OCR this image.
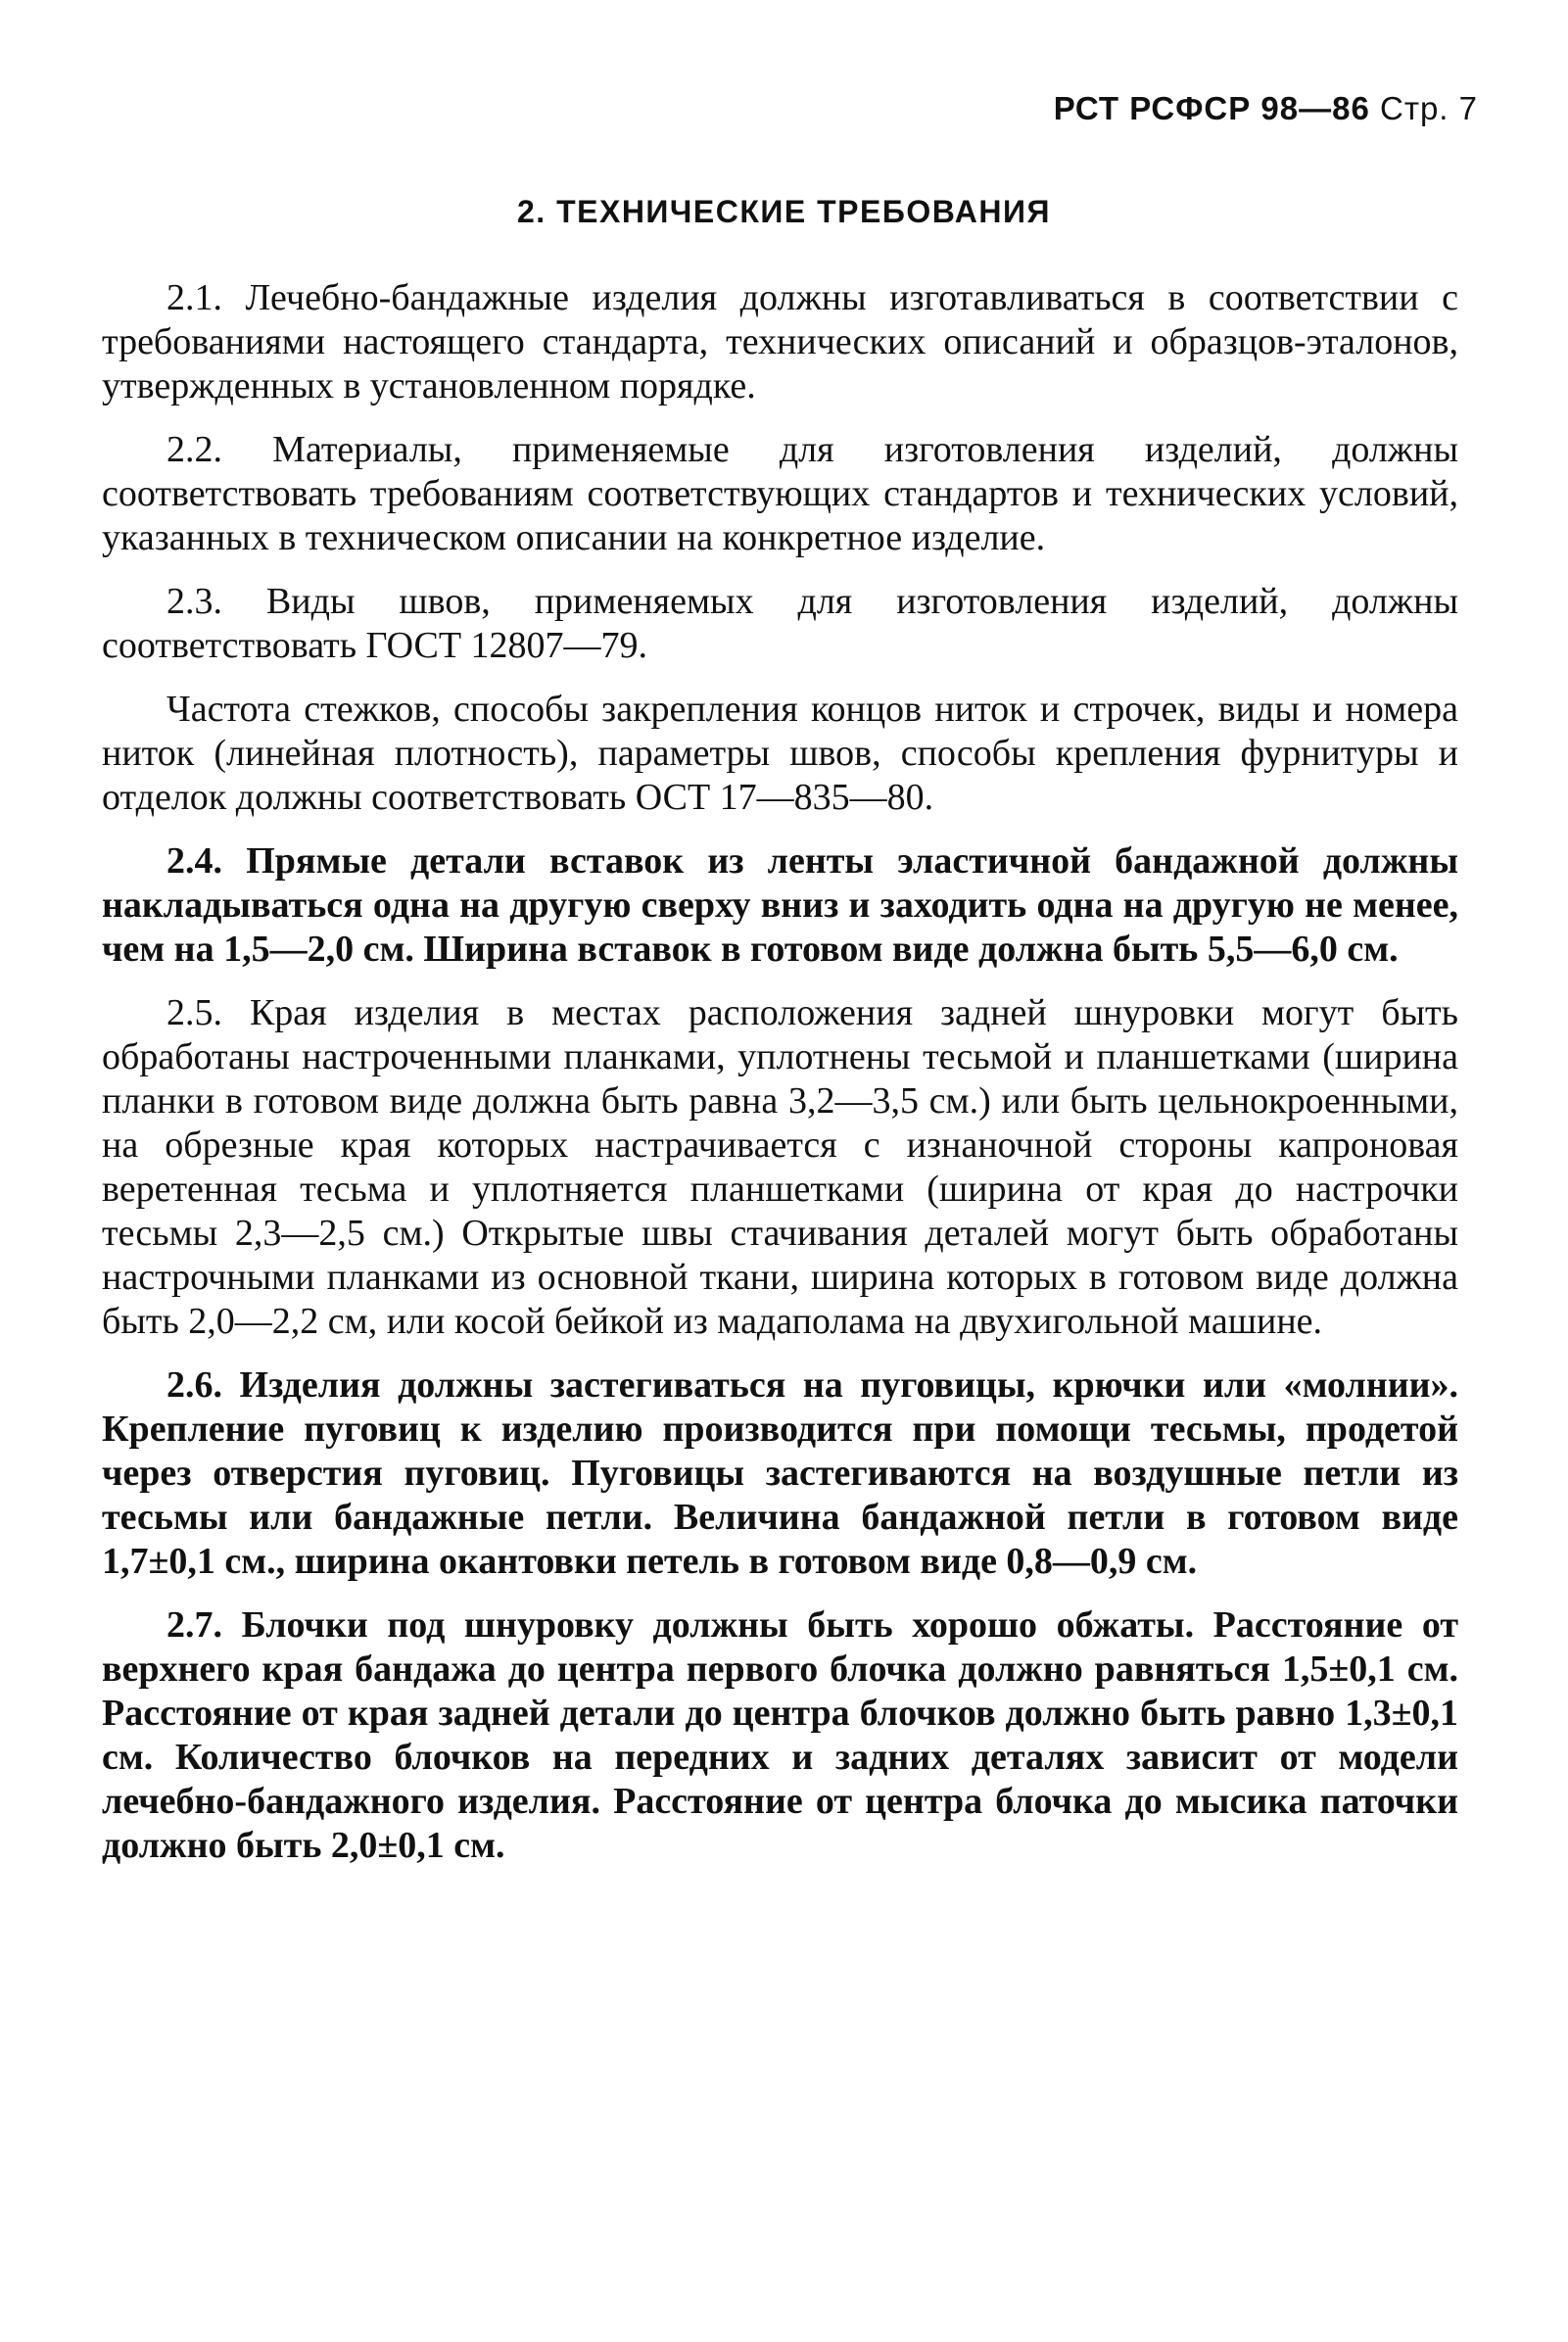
РСТ РСФСР 98—86 Стр. 7
2. ТЕХНИЧЕСКИЕ ТРЕБОВАНИЯ

2.1. Лечебно-бандажные изделия должны изготавливаться в соответствии с требованиями настоящего стандарта, технических описаний и образцов-эталонов, утвержденных в установленном порядке.

2.2. Материалы, применяемые для изготовления изделий, должны соответствовать требованиям соответствующих стандартов и технических условий, указанных в техническом описании на конкретное изделие.

2.3. Виды швов, применяемых для изготовления изделий, должны соответствовать ГОСТ 12807—79.

Частота стежков, способы закрепления концов ниток и строчек, виды и номера ниток (линейная плотность), параметры швов, способы крепления фурнитуры и отделок должны соответствовать ОСТ 17—835—80.

2.4. Прямые детали вставок из ленты эластичной бандажной должны накладываться одна на другую сверху вниз и заходить одна на другую не менее, чем на 1,5—2,0 см. Ширина вставок в готовом виде должна быть 5,5—6,0 см.

2.5. Края изделия в местах расположения задней шнуровки могут быть обработаны настроченными планками, уплотнены тесьмой и планшетками (ширина планки в готовом виде должна быть равна 3,2—3,5 см.) или быть цельнокроенными, на обрезные края которых настрачивается с изнаночной стороны капроновая веретенная тесьма и уплотняется планшетками (ширина от края до настрочки тесьмы 2,3—2,5 см.) Открытые швы стачивания деталей могут быть обработаны настрочными планками из основной ткани, ширина которых в готовом виде должна быть 2,0—2,2 см, или косой бейкой из мадаполама на двухигольной машине.

2.6. Изделия должны застегиваться на пуговицы, крючки или «молнии». Крепление пуговиц к изделию производится при помощи тесьмы, продетой через отверстия пуговиц. Пуговицы застегиваются на воздушные петли из тесьмы или бандажные петли. Величина бандажной петли в готовом виде 1,7±0,1 см., ширина окантовки петель в готовом виде 0,8—0,9 см.

2.7. Блочки под шнуровку должны быть хорошо обжаты. Расстояние от верхнего края бандажа до центра первого блочка должно равняться 1,5±0,1 см. Расстояние от края задней детали до центра блочков должно быть равно 1,3±0,1 см. Количество блочков на передних и задних деталях зависит от модели лечебно-бандажного изделия. Расстояние от центра блочка до мысика паточки должно быть 2,0±0,1 см.
